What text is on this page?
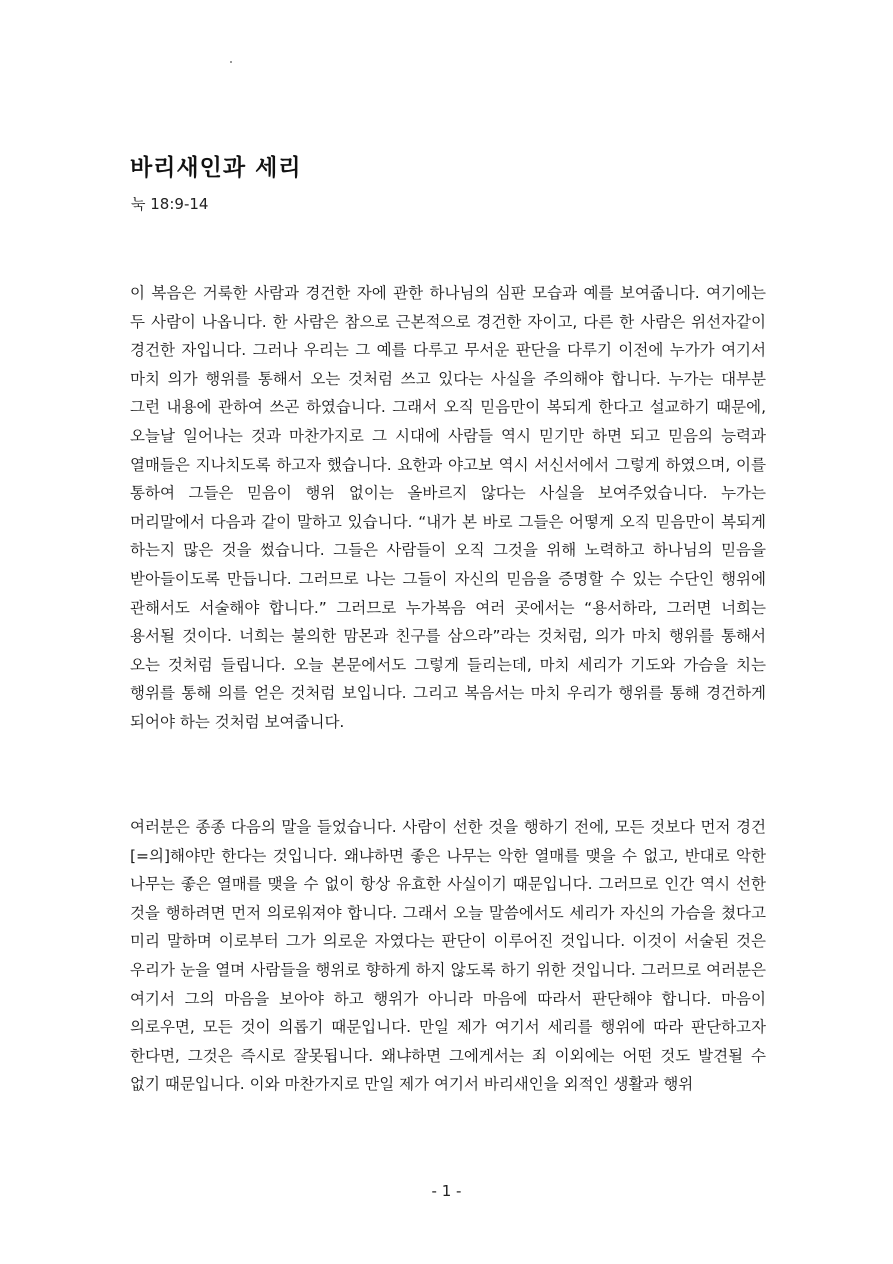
바리새인과 세리

눅 18:9-14

이 복음은 거룩한 사람과 경건한 자에 관한 하나님의 심판 모습과 예를 보여줍니다. 여기에는 두 사람이 나옵니다. 한 사람은 참으로 근본적으로 경건한 자이고, 다른 한 사람은 위선자같이 경건한 자입니다. 그러나 우리는 그 예를 다루고 무서운 판단을 다루기 이전에 누가가 여기서 마치 의가 행위를 통해서 오는 것처럼 쓰고 있다는 사실을 주의해야 합니다. 누가는 대부분 그런 내용에 관하여 쓰곤 하였습니다. 그래서 오직 믿음만이 복되게 한다고 설교하기 때문에, 오늘날 일어나는 것과 마찬가지로 그 시대에 사람들 역시 믿기만 하면 되고 믿음의 능력과 열매들은 지나치도록 하고자 했습니다. 요한과 야고보 역시 서신서에서 그렇게 하였으며, 이를 통하여 그들은 믿음이 행위 없이는 올바르지 않다는 사실을 보여주었습니다. 누가는 머리말에서 다음과 같이 말하고 있습니다. “내가 본 바로 그들은 어떻게 오직 믿음만이 복되게 하는지 많은 것을 썼습니다. 그들은 사람들이 오직 그것을 위해 노력하고 하나님의 믿음을 받아들이도록 만듭니다. 그러므로 나는 그들이 자신의 믿음을 증명할 수 있는 수단인 행위에 관해서도 서술해야 합니다.” 그러므로 누가복음 여러 곳에서는 “용서하라, 그러면 너희는 용서될 것이다. 너희는 불의한 맘몬과 친구를 삼으라”라는 것처럼, 의가 마치 행위를 통해서 오는 것처럼 들립니다. 오늘 본문에서도 그렇게 들리는데, 마치 세리가 기도와 가슴을 치는 행위를 통해 의를 얻은 것처럼 보입니다. 그리고 복음서는 마치 우리가 행위를 통해 경건하게 되어야 하는 것처럼 보여줍니다.

여러분은 종종 다음의 말을 들었습니다. 사람이 선한 것을 행하기 전에, 모든 것보다 먼저 경건[=의]해야만 한다는 것입니다. 왜냐하면 좋은 나무는 악한 열매를 맺을 수 없고, 반대로 악한 나무는 좋은 열매를 맺을 수 없이 항상 유효한 사실이기 때문입니다. 그러므로 인간 역시 선한 것을 행하려면 먼저 의로워져야 합니다. 그래서 오늘 말씀에서도 세리가 자신의 가슴을 쳤다고 미리 말하며 이로부터 그가 의로운 자였다는 판단이 이루어진 것입니다. 이것이 서술된 것은 우리가 눈을 열며 사람들을 행위로 향하게 하지 않도록 하기 위한 것입니다. 그러므로 여러분은 여기서 그의 마음을 보아야 하고 행위가 아니라 마음에 따라서 판단해야 합니다. 마음이 의로우면, 모든 것이 의롭기 때문입니다. 만일 제가 여기서 세리를 행위에 따라 판단하고자 한다면, 그것은 즉시로 잘못됩니다. 왜냐하면 그에게서는 죄 이외에는 어떤 것도 발견될 수 없기 때문입니다. 이와 마찬가지로 만일 제가 여기서 바리새인을 외적인 생활과 행위

- 1 -
